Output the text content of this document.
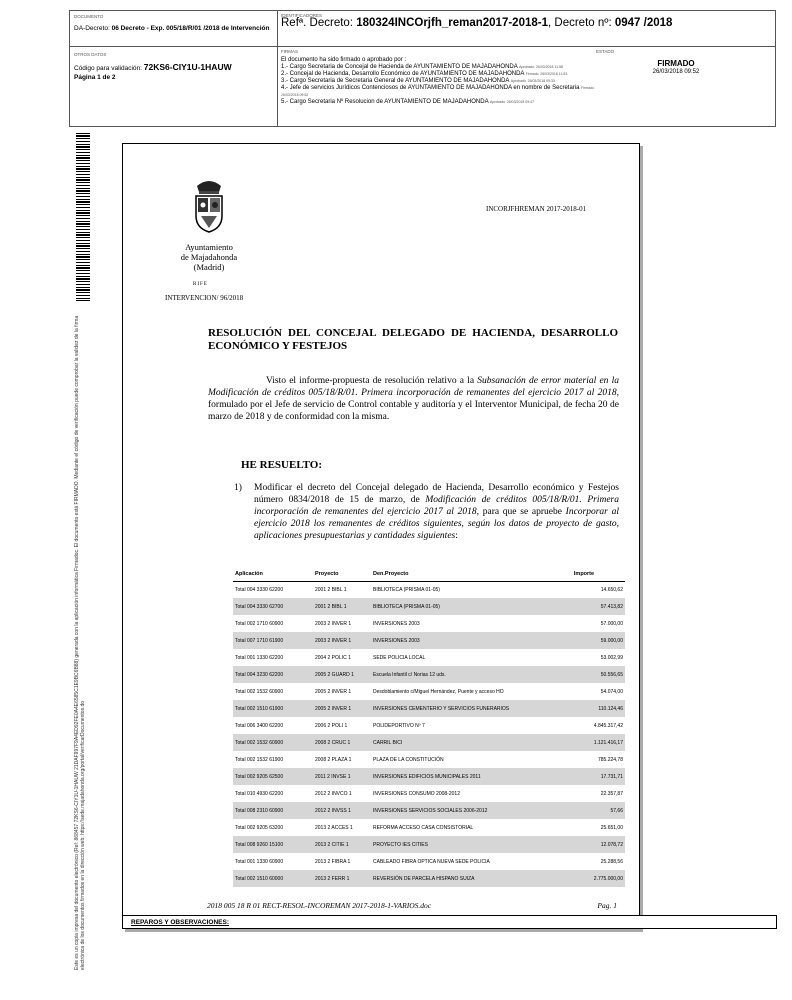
DOCUMENTO
DA-Decreto: 06 Decreto - Exp. 005/18/R/01 /2018 de Intervención
IDENTIFICADORES
Refª. Decreto: 180324INCOrjfh_reman2017-2018-1, Decreto nº: 0947 /2018
OTROS DATOS
Código para validación: 72KS6-CIY1U-1HAUW
Página 1 de 2
FIRMAS
El documento ha sido firmado o aprobado por :
1.- Cargo Secretaria de Concejal de Hacienda de AYUNTAMIENTO DE MAJADAHONDA Aprobado 26/03/2018 11:58
2.- Concejal de Hacienda, Desarrollo Económico de AYUNTAMIENTO DE MAJADAHONDA Firmado 26/03/2018 11:53
3.- Cargo Secretaria de Secretaria General de AYUNTAMIENTO DE MAJADAHONDA Aprobado 26/03/2018 09:33
4.- Jefe de servicios Jurídicos Contenciosos de AYUNTAMIENTO DE MAJADAHONDA en nombre de Secretaria Firmado 26/03/2018 09:52
5.- Cargo Secretaria Nº Resolucion de AYUNTAMIENTO DE MAJADAHONDA Aprobado 26/03/2018 09:47
ESTADO
FIRMADO
26/03/2018 09:52
Este es un copia impresa del documento electrónico (Ref: 868457 72KS6-CIY1U-1HAUW 21DAF997F9A4ED92FE0A4E6585C1E9BC6B88) generada con la aplicación informática Firmadoc. El documento está FIRMADO. Mediante el código de verificación puede comprobar la validez de la firma electrónica de los documentos firmados en la dirección web: https://sede.majadahonda.org/portal/verificarDocumentos.do
Ayuntamiento
de Majadahonda
(Madrid)
RIFE
INTERVENCION/ 96/2018
INCORJFHREMAN 2017-2018-01
RESOLUCIÓN DEL CONCEJAL DELEGADO DE HACIENDA, DESARROLLO ECONÓMICO Y FESTEJOS
Visto el informe-propuesta de resolución relativo a la Subsanación de error material en la Modificación de créditos 005/18/R/01. Primera incorporación de remanentes del ejercicio 2017 al 2018, formulado por el Jefe de servicio de Control contable y auditoría y el Interventor Municipal, de fecha 20 de marzo de 2018 y de conformidad con la misma.
HE RESUELTO:
1) Modificar el decreto del Concejal delegado de Hacienda, Desarrollo económico y Festejos número 0834/2018 de 15 de marzo, de Modificación de créditos 005/18/R/01. Primera incorporación de remanentes del ejercicio 2017 al 2018, para que se apruebe Incorporar al ejercicio 2018 los remanentes de créditos siguientes, según los datos de proyecto de gasto, aplicaciones presupuestarias y cantidades siguientes:
Aplicación	Proyecto	Den.Proyecto	Importe
Total 004 3330 62200	2001 2 BIBL 1	BIBLIOTECA (PRISMA 01-05)	14.650,62
Total 004 3330 62700	2001 2 BIBL 1	BIBLIOTECA (PRISMA 01-05)	57.413,82
Total 002 1710 60900	2003 2 INVER 1	INVERSIONES 2003	57.000,00
Total 007 1710 61900	2003 2 INVER 1	INVERSIONES 2003	59.000,00
Total 001 1330 62200	2004 2 POLIC 1	SEDE POLICIA LOCAL	53.002,99
Total 004 3230 62200	2005 2 GUARD 1	Escuela Infantil c/ Norias 12 uds.	50.556,65
Total 002 1532 60900	2005 2 INVER 1	Desdoblamiento c/Miguel Hernández, Puente y acceso HO	54.074,00
Total 002 1510 61900	2005 2 INVER 1	INVERSIONES CEMENTERIO Y SERVICIOS FUNERARIOS	110.124,46
Total 006 3400 62200	2006 2 POLI 1	POLIDEPORTIVO Nº 7	4.845.317,42
Total 002 1532 60900	2008 2 CRUC 1	CARRIL BICI	1.121.416,17
Total 002 1532 61900	2008 2 PLAZA 1	PLAZA DE LA CONSTITUCIÓN	785.224,78
Total 002 9205 62500	2011 2 INVSE 1	INVERSIONES EDIFICIOS MUNICIPALES 2011	17.731,71
Total 010 4930 62200	2012 2 INVCO 1	INVERSIONES CONSUMO 2008-2012	22.357,87
Total 008 2310 60900	2012 2 INVSS 1	INVERSIONES SERVICIOS SOCIALES 2006-2012	57,66
Total 002 9205 63200	2013 2 ACCES 1	REFORMA ACCESO CASA CONSISTORIAL	25.651,00
Total 008 9260 15100	2013 2 CITIE 1	PROYECTO IES CITIES	12.078,72
Total 001 1330 60900	2013 2 FIBRA 1	CABLEADO FIBRA OPTICA NUEVA SEDE POLICIA	25.288,56
Total 002 1510 60000	2013 2 FERR 1	REVERSIÓN DE PARCELA HISPANO SUIZA	2.775.000,00
2018 005 18 R 01 RECT-RESOL-INCOREMAN 2017-2018-1-VARIOS.doc	Pag. 1
REPAROS Y OBSERVACIONES:
